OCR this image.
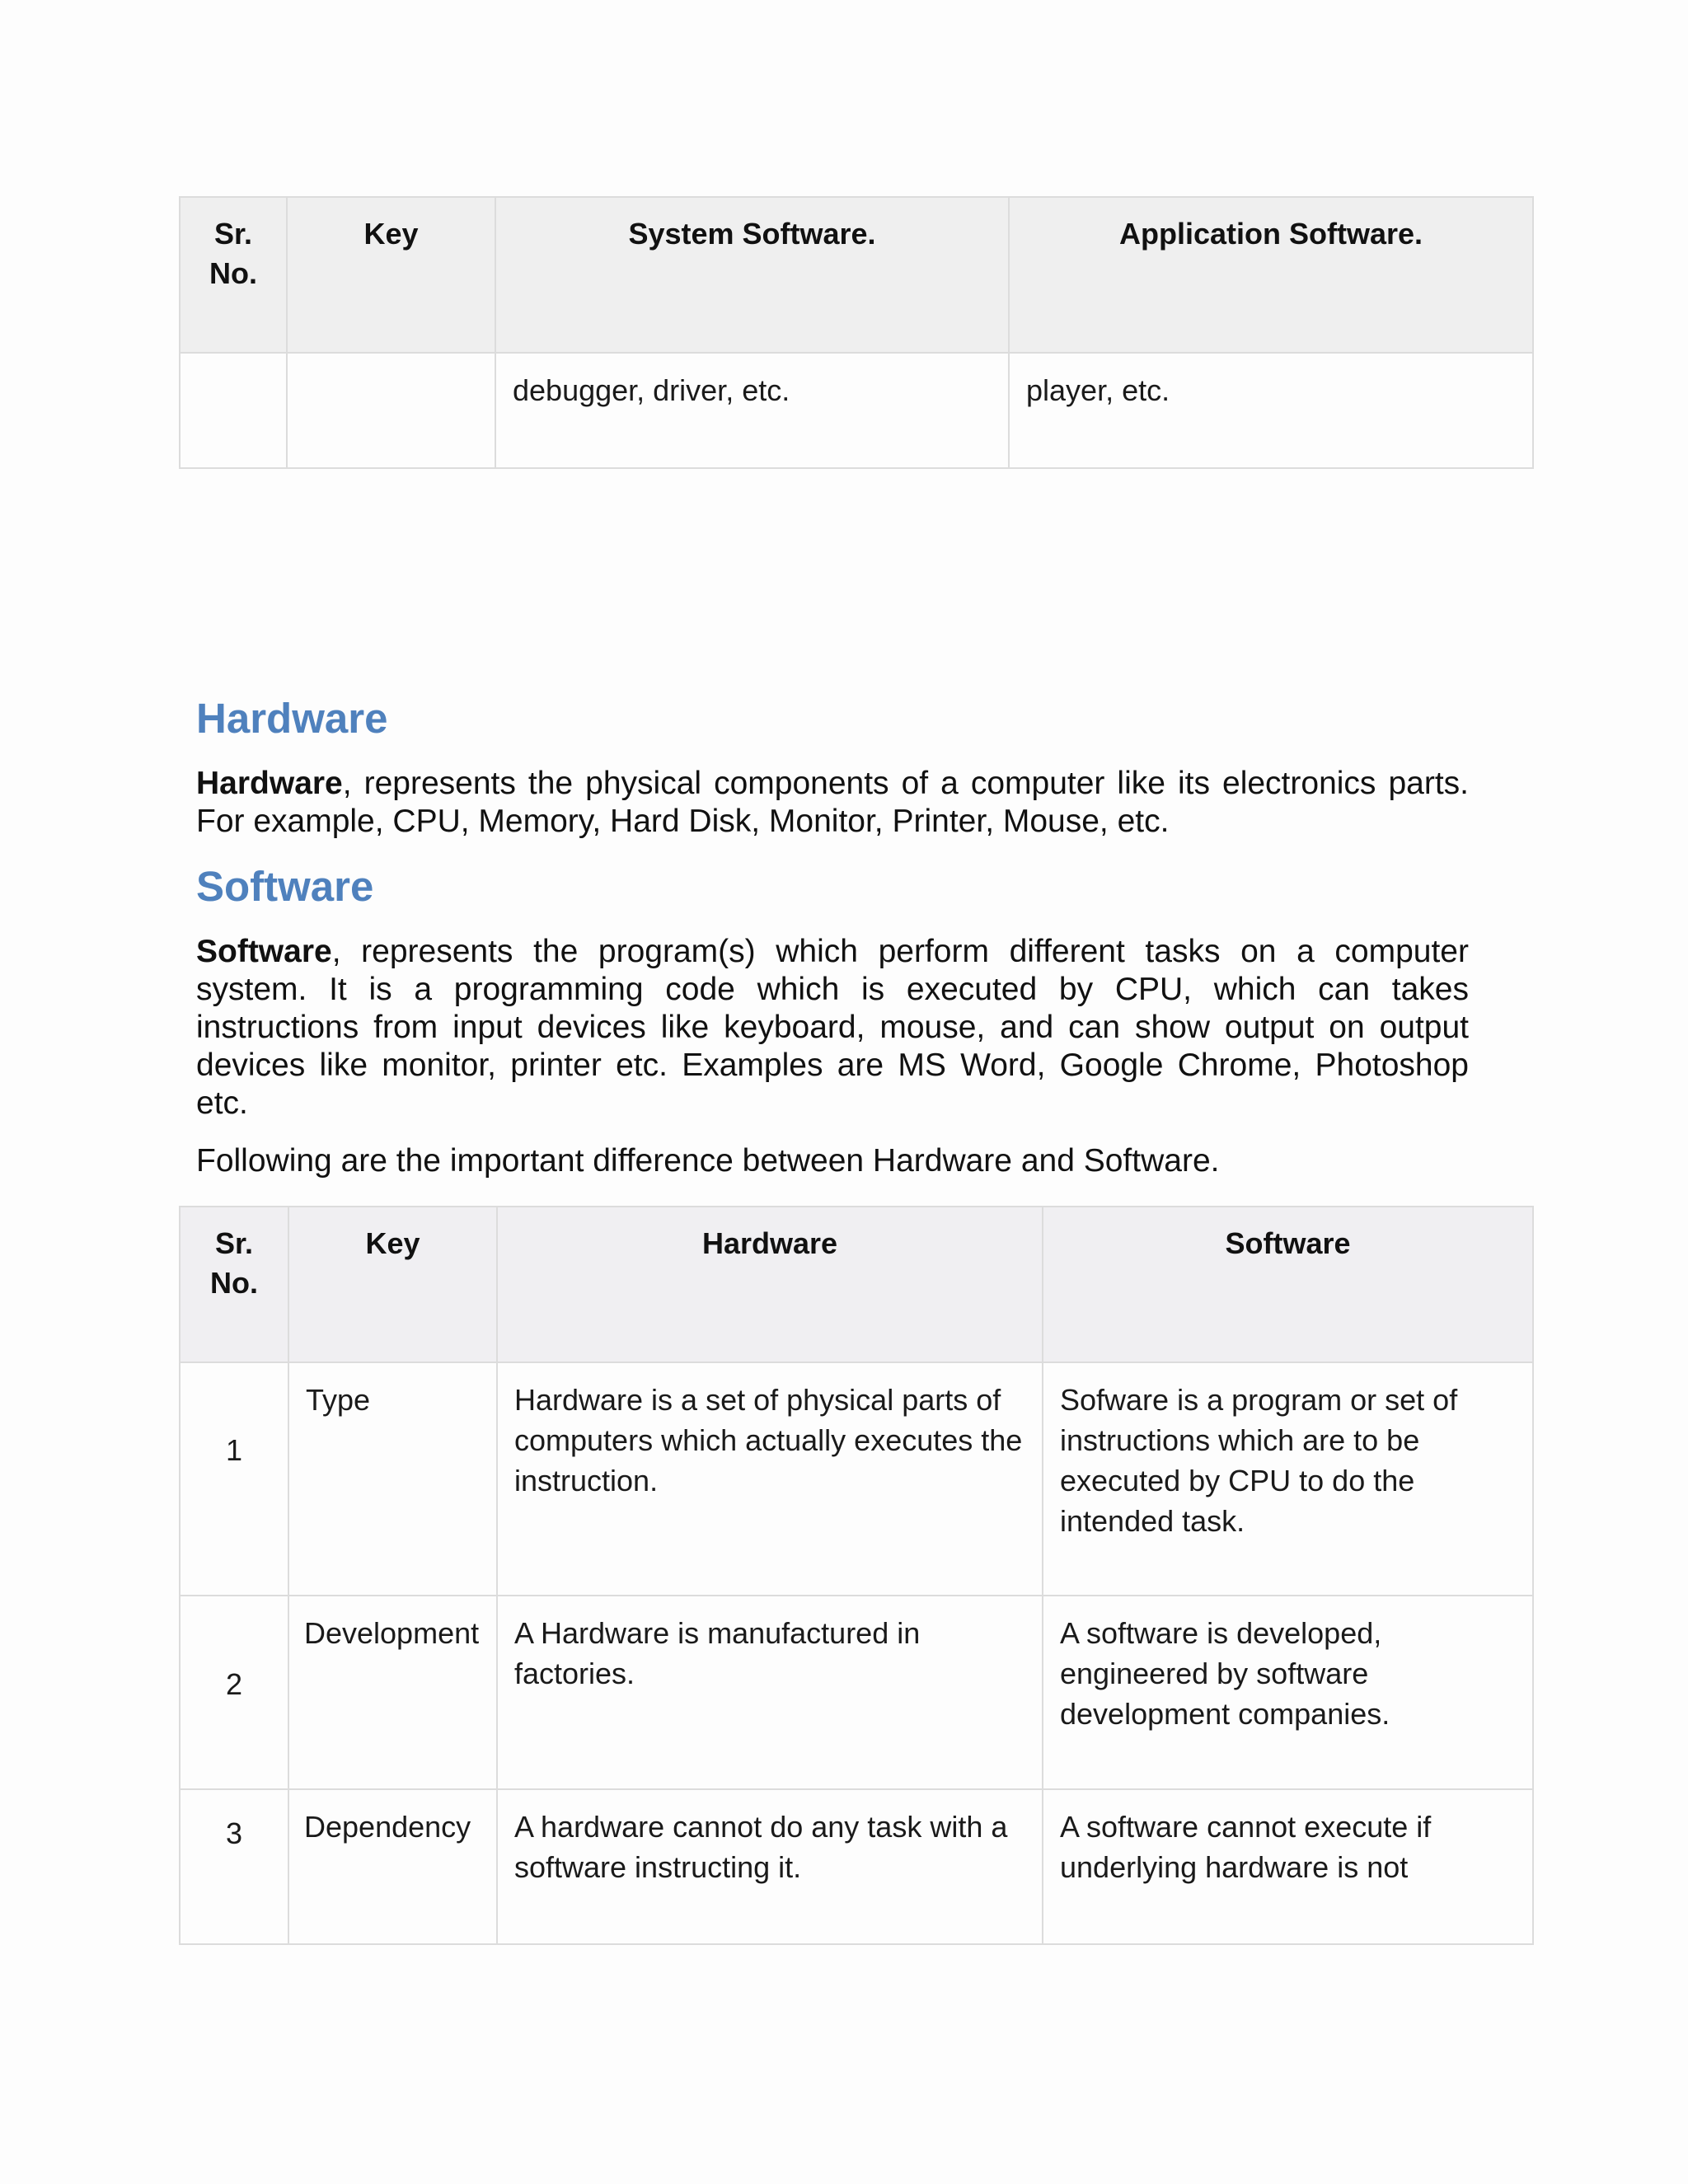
Sr. No.	Key	System Software.	Application Software.
		debugger, driver, etc.	player, etc.
Hardware

Hardware, represents the physical components of a computer like its electronics parts. For example, CPU, Memory, Hard Disk, Monitor, Printer, Mouse, etc.

Software

Software, represents the program(s) which perform different tasks on a computer system. It is a programming code which is executed by CPU, which can takes instructions from input devices like keyboard, mouse, and can show output on output devices like monitor, printer etc. Examples are MS Word, Google Chrome, Photoshop etc.

Following are the important difference between Hardware and Software.

Sr. No.	Key	Hardware	Software
1	Type	Hardware is a set of physical parts of computers which actually executes the instruction.	Sofware is a program or set of instructions which are to be executed by CPU to do the intended task.
2	Development	A Hardware is manufactured in factories.	A software is developed, engineered by software development companies.
3	Dependency	A hardware cannot do any task with a software instructing it.	A software cannot execute if underlying hardware is not
